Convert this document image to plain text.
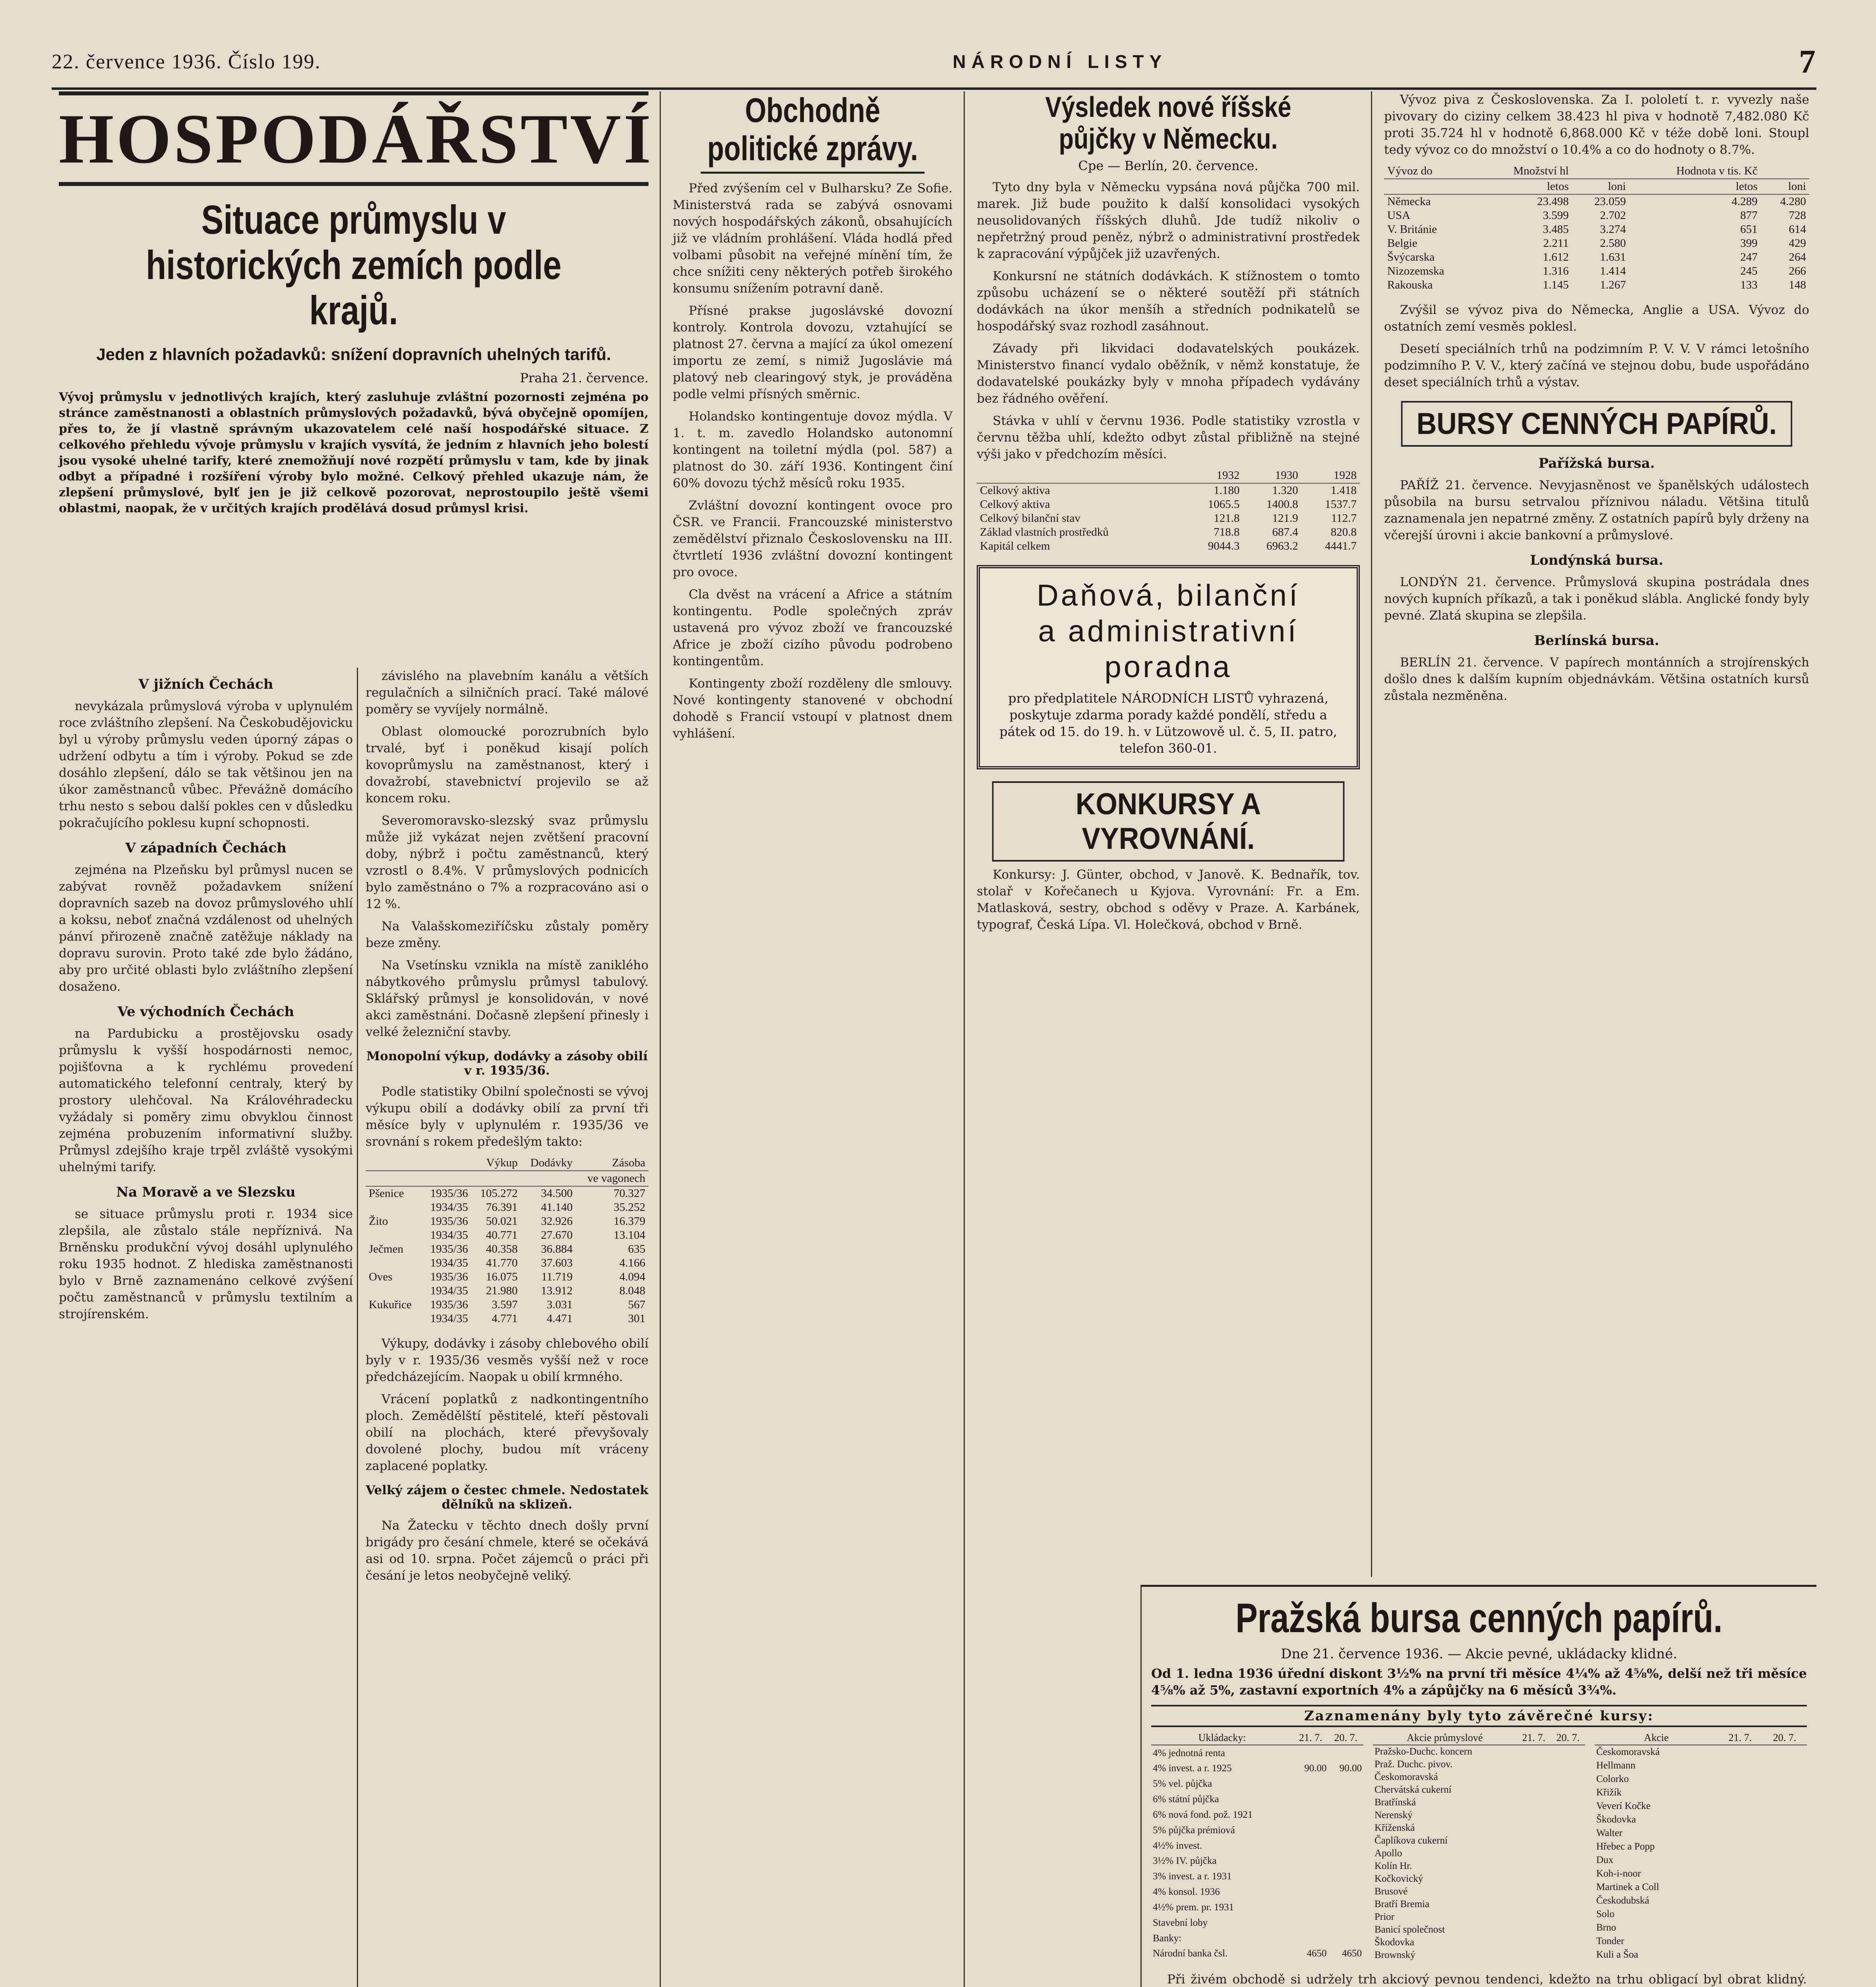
22. července 1936. Číslo 199.	NÁRODNÍ LISTY	7
HOSPODÁŘSTVÍ
Situace průmyslu v historických zemích podle krajů.
Jeden z hlavních požadavků: snížení dopravních uhelných tarifů.
Praha 21. července.
Vývoj průmyslu v jednotlivých krajích, který zasluhuje zvláštní pozornosti zejména po stránce zaměstnanosti a oblastních průmyslových požadavků, bývá obyčejně opomíjen, přes to, že jí vlastně správným ukazovatelem celé naší hospodářské situace. Z celkového přehledu vývoje průmyslu v krajích vysvítá, že jedním z hlavních jeho bolestí jsou vysoké uhelné tarify, které znemožňují nové rozpětí průmyslu v tam, kde by jinak odbyt a případné i rozšíření výroby bylo možné. Celkový přehled ukazuje nám, že zlepšení průmyslové, bylť jen je již celkově pozorovat, neprostoupilo ještě všemi oblastmi, naopak, že v určitých krajích prodělává dosud průmysl krisi.
V jižních Čechách

nevykázala průmyslová výroba v uplynulém roce zvláštního zlepšení. Na Českobudějovicku byl u výroby průmyslu veden úporný zápas o udržení odbytu a tím i výroby. Pokud se zde dosáhlo zlepšení, dálo se tak většinou jen na úkor zaměstnanců vůbec. Převážně domácího trhu nesto s sebou další pokles cen v důsledku pokračujícího poklesu kupní schopnosti.

V západních Čechách

zejména na Plzeňsku byl průmysl nucen se zabývat rovněž požadavkem snížení dopravních sazeb na dovoz průmyslového uhlí a koksu, neboť značná vzdálenost od uhelných pánví přirozeně značně zatěžuje náklady na dopravu surovin. Proto také zde bylo žádáno, aby pro určité oblasti bylo zvláštního zlepšení dosaženo.

Ve východních Čechách

na Pardubicku a prostějovsku osady průmyslu k vyšší hospodárnosti nemoc, pojišťovna a k rychlému provedení automatického telefonní centraly, který by prostory ulehčoval. Na Královéhradecku vyžádaly si poměry zimu obvyklou činnost zejména probuzením informativní služby. Průmysl zdejšího kraje trpěl zvláště vysokými uhelnými tarify.

Na Moravě a ve Slezsku

se situace průmyslu proti r. 1934 sice zlepšila, ale zůstalo stále nepříznivá. Na Brněnsku produkční vývoj dosáhl uplynulého roku 1935 hodnot. Z hlediska zaměstnanosti bylo v Brně zaznamenáno celkové zvýšení počtu zaměstnanců v průmyslu textilním a strojírenském.

závislého na plavebním kanálu a větších regulačních a silničních prací. Také málové poměry se vyvíjely normálně.

Oblast olomoucké porozrubních bylo trvalé, byť i poněkud kisají polích kovoprůmyslu na zaměstnanost, který i dovažrobí, stavebnictví projevilo se až koncem roku.

Severomoravsko-slezský svaz průmyslu může již vykázat nejen zvětšení pracovní doby, nýbrž i počtu zaměstnanců, který vzrostl o 8.4%. V průmyslových podnicích bylo zaměstnáno o 7% a rozpracováno asi o 12 %.

Na Valašskomeziříčsku zůstaly poměry beze změny.

Na Vsetínsku vznikla na místě zaniklého nábytkového průmyslu průmysl tabulový. Sklářský průmysl je konsolidován, v nové akci zaměstnáni. Dočasně zlepšení přinesly i velké železniční stavby.

Monopolní výkup, dodávky a zásoby obilí v r. 1935/36.

Podle statistiky Obilní společnosti se vývoj výkupu obilí a dodávky obilí za první tři měsíce byly v uplynulém r. 1935/36 ve srovnání s rokem předešlým takto:

		Výkup	Dodávky	Zásoba
				ve vagonech
Pšenice	1935/36	105.272	34.500	70.327
	1934/35	76.391	41.140	35.252
Žito	1935/36	50.021	32.926	16.379
	1934/35	40.771	27.670	13.104
Ječmen	1935/36	40.358	36.884	635
	1934/35	41.770	37.603	4.166
Oves	1935/36	16.075	11.719	4.094
	1934/35	21.980	13.912	8.048
Kukuřice	1935/36	3.597	3.031	567
	1934/35	4.771	4.471	301

Výkupy, dodávky i zásoby chlebového obilí byly v r. 1935/36 vesměs vyšší než v roce předcházejícím. Naopak u obilí krmného.

Vrácení poplatků z nadkontingentního ploch. Zemědělští pěstitelé, kteří pěstovali obilí na plochách, které převyšovaly dovolené plochy, budou mít vráceny zaplacené poplatky.

Velký zájem o čestec chmele. Nedostatek dělníků na sklizeň.

Na Žatecku v těchto dnech došly první brigády pro česání chmele, které se očekává asi od 10. srpna. Počet zájemců o práci při česání je letos neobyčejně veliký.

Obchodně politické zprávy.

Před zvýšením cel v Bulharsku? Ze Sofie. Ministerstvá rada se zabývá osnovami nových hospodářských zákonů, obsahujících již ve vládním prohlášení. Vláda hodlá před volbami působit na veřejné mínění tím, že chce snížiti ceny některých potřeb širokého konsumu snížením potravní daně.

Přísné prakse jugoslávské dovozní kontroly. Kontrola dovozu, vztahující se platnost 27. června a mající za úkol omezení importu ze zemí, s nimiž Jugoslávie má platový neb clearingový styk, je prováděna podle velmi přísných směrnic.

Holandsko kontingentuje dovoz mýdla. V 1. t. m. zavedlo Holandsko autonomní kontingent na toiletní mýdla (pol. 587) a platnost do 30. září 1936. Kontingent činí 60% dovozu týchž měsíců roku 1935.

Zvláštní dovozní kontingent ovoce pro ČSR. ve Francii. Francouzské ministerstvo zemědělství přiznalo Československu na III. čtvrtletí 1936 zvláštní dovozní kontingent pro ovoce.

Cla dvěst na vrácení a Africe a státním kontingentu. Podle společných zpráv ustavená pro vývoz zboží ve francouzské Africe je zboží cizího původu podrobeno kontingentům.

Kontingenty zboží rozděleny dle smlouvy. Nové kontingenty stanovené v obchodní dohodě s Francií vstoupí v platnost dnem vyhlášení.

Výsledek nové říšské půjčky v Německu.
Cpe — Berlín, 20. července.

Tyto dny byla v Německu vypsána nová půjčka 700 mil. marek. Již bude použito k další konsolidaci vysokých neusolidovaných říšských dluhů. Jde tudíž nikoliv o nepřetržný proud peněz, nýbrž o administrativní prostředek k zapracování výpůjček již uzavřených.

Konkursní ne státních dodávkách. K stížnostem o tomto způsobu ucházení se o některé soutěží při státních dodávkách na úkor menšíh a středních podnikatelů se hospodářský svaz rozhodl zasáhnout.

Závady při likvidaci dodavatelských poukázek. Ministerstvo financí vydalo oběžník, v němž konstatuje, že dodavatelské poukázky byly v mnoha případech vydávány bez řádného ověření.

Stávka v uhlí v červnu 1936. Podle statistiky vzrostla v červnu těžba uhlí, kdežto odbyt zůstal přibližně na stejné výši jako v předchozím měsíci.

	1932	1930	1928
Celkový aktiva	1.180	1.320	1.418
Celkový aktiva	1065.5	1400.8	1537.7
Celkový bilanční stav	121.8	121.9	112.7
Základ vlastních prostředků	718.8	687.4	820.8
Kapitál celkem	9044.3	6963.2	4441.7
Daňová, bilanční
a administrativní
poradna
pro předplatitele NÁRODNÍCH LISTŮ vyhrazená, poskytuje zdarma porady každé pondělí, středu a pátek od 15. do 19. h. v Lützowově ul. č. 5, II. patro, telefon 360-01.
KONKURSY A VYROVNÁNÍ.

Konkursy: J. Günter, obchod, v Janově. K. Bednařík, tov. stolař v Kořečanech u Kyjova. Vyrovnání: Fr. a Em. Matlasková, sestry, obchod s oděvy v Praze. A. Karbánek, typograf, Česká Lípa. Vl. Holečková, obchod v Brně.

Vývoz piva z Československa. Za I. pololetí t. r. vyvezly naše pivovary do ciziny celkem 38.423 hl piva v hodnotě 7,482.080 Kč proti 35.724 hl v hodnotě 6,868.000 Kč v téže době loni. Stoupl tedy vývoz co do množství o 10.4% a co do hodnoty o 8.7%.

Vývoz do	Množství hl		Hodnota v tis. Kč	
	letos	loni	letos	loni
Německa	23.498	23.059	4.289	4.280
USA	3.599	2.702	877	728
V. Británie	3.485	3.274	651	614
Belgie	2.211	2.580	399	429
Švýcarska	1.612	1.631	247	264
Nizozemska	1.316	1.414	245	266
Rakouska	1.145	1.267	133	148

Zvýšil se vývoz piva do Německa, Anglie a USA. Vývoz do ostatních zemí vesměs poklesl.

Desetí speciálních trhů na podzimním P. V. V. V rámci letošního podzimního P. V. V., který začíná ve stejnou dobu, bude uspořádáno deset speciálních trhů a výstav.

BURSY CENNÝCH PAPÍRŮ.
Pařížská bursa.

PAŘÍŽ 21. července. Nevyjasněnost ve španělských událostech působila na bursu setrvalou příznivou náladu. Většina titulů zaznamenala jen nepatrné změny. Z ostatních papírů byly drženy na včerejší úrovni i akcie bankovní a průmyslové.

Londýnská bursa.

LONDÝN 21. července. Průmyslová skupina postrádala dnes nových kupních příkazů, a tak i poněkud slábla. Anglické fondy byly pevné. Zlatá skupina se zlepšila.

Berlínská bursa.

BERLÍN 21. července. V papírech montánních a strojírenských došlo dnes k dalším kupním objednávkám. Většina ostatních kursů zůstala nezměněna.

Pražská bursa cenných papírů.
Dne 21. července 1936. — Akcie pevné, ukládacky klidné.
Od 1. ledna 1936 úřední diskont 3½% na první tři měsíce 4¼% až 4⅝%, delší než tři měsíce 4⅝% až 5%, zastavní exportních 4% a zápůjčky na 6 měsíců 3¾%.
Zaznamenány byly tyto závěrečné kursy:
Ukládacky:	21. 7.	20. 7.
4% jednotná renta		
4% invest. a r. 1925	90.00	90.00
5% vel. půjčka		
6% státní půjčka		
6% nová fond. pož. 1921		
5% půjčka prémiová		
4½% invest.		
3½% IV. půjčka		
3% invest. a r. 1931		
4% konsol. 1936		
4½% prem. pr. 1931		
Stavební loby		
Banky:		
Národní banka čsl.	4650	4650
Akcie průmyslové	21. 7.	20. 7.
Pražsko-Duchc. koncern		
Praž. Duchc. pivov.		
Českomoravská		
Chervátská cukerní		
Bratřínská		
Nerenský		
Kříženská		
Čaplíkova cukerní		
Apollo		
Kolín Hr.		
Kočkovický		
Brusové		
Bratří Bremia		
Prior		
Banicí společnost		
Škodovka		
Brownský		
Akcie	21. 7.	20. 7.
Českomoravská		
Hellmann		
Colorko		
Křižík		
Veverí Kočke		
Škodovka		
Walter		
Hřebec a Popp		
Dux		
Koh-i-noor		
Martinek a Coll		
Českodubská		
Solo		
Brno		
Tonder		
Kuli a Šoa		

Při živém obchodě si udržely trh akciový pevnou tendenci, kdežto na trhu obligací byl obrat klidný.
